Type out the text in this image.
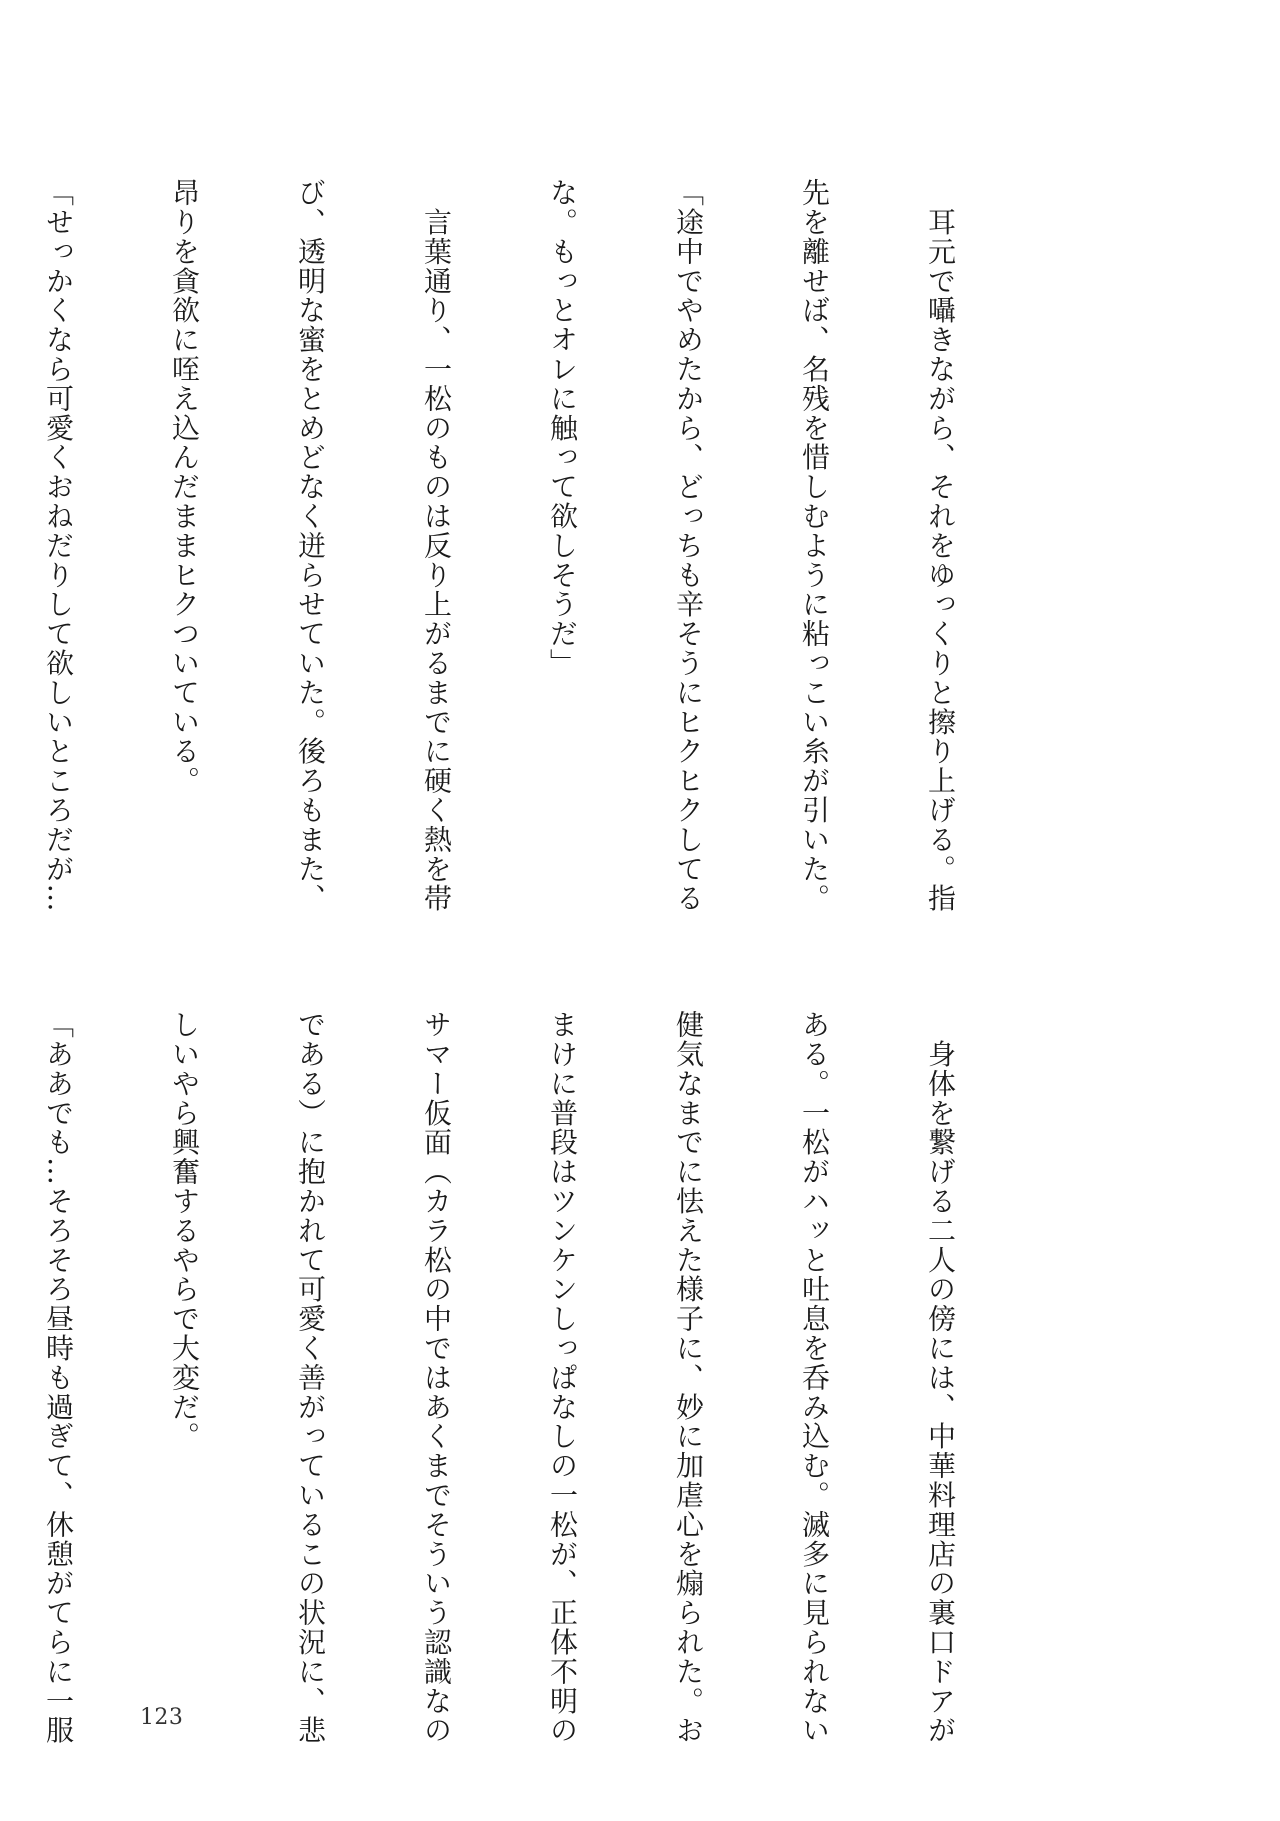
　耳元で囁きながら、それをゆっくりと擦り上げる。指

先を離せば、名残を惜しむように粘っこい糸が引いた。

「途中でやめたから、どっちも辛そうにヒクヒクしてる

な。もっとオレに触って欲しそうだ」

　言葉通り、一松のものは反り上がるまでに硬く熱を帯

び、透明な蜜をとめどなく迸らせていた。後ろもまた、

昂りを貪欲に咥え込んだままヒクついている。

「せっかくなら可愛くおねだりして欲しいところだが…

　身体を繋げる二人の傍には、中華料理店の裏口ドアが

ある。一松がハッと吐息を呑み込む。滅多に見られない

健気なまでに怯えた様子に、妙に加虐心を煽られた。お

まけに普段はツンケンしっぱなしの一松が、正体不明の

サマー仮面（カラ松の中ではあくまでそういう認識なの

である）に抱かれて可愛く善がっているこの状況に、悲

しいやら興奮するやらで大変だ。

「ああでも…そろそろ昼時も過ぎて、休憩がてらに一服

	123
